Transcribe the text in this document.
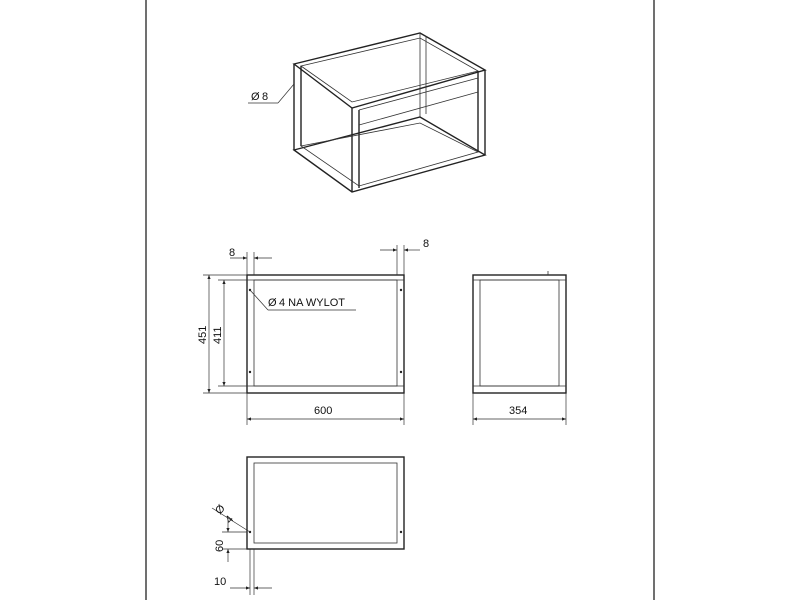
Ø 8
8
8
451 411
Ø 4 NA WYLOT
600	354
Ø
4
60
10
